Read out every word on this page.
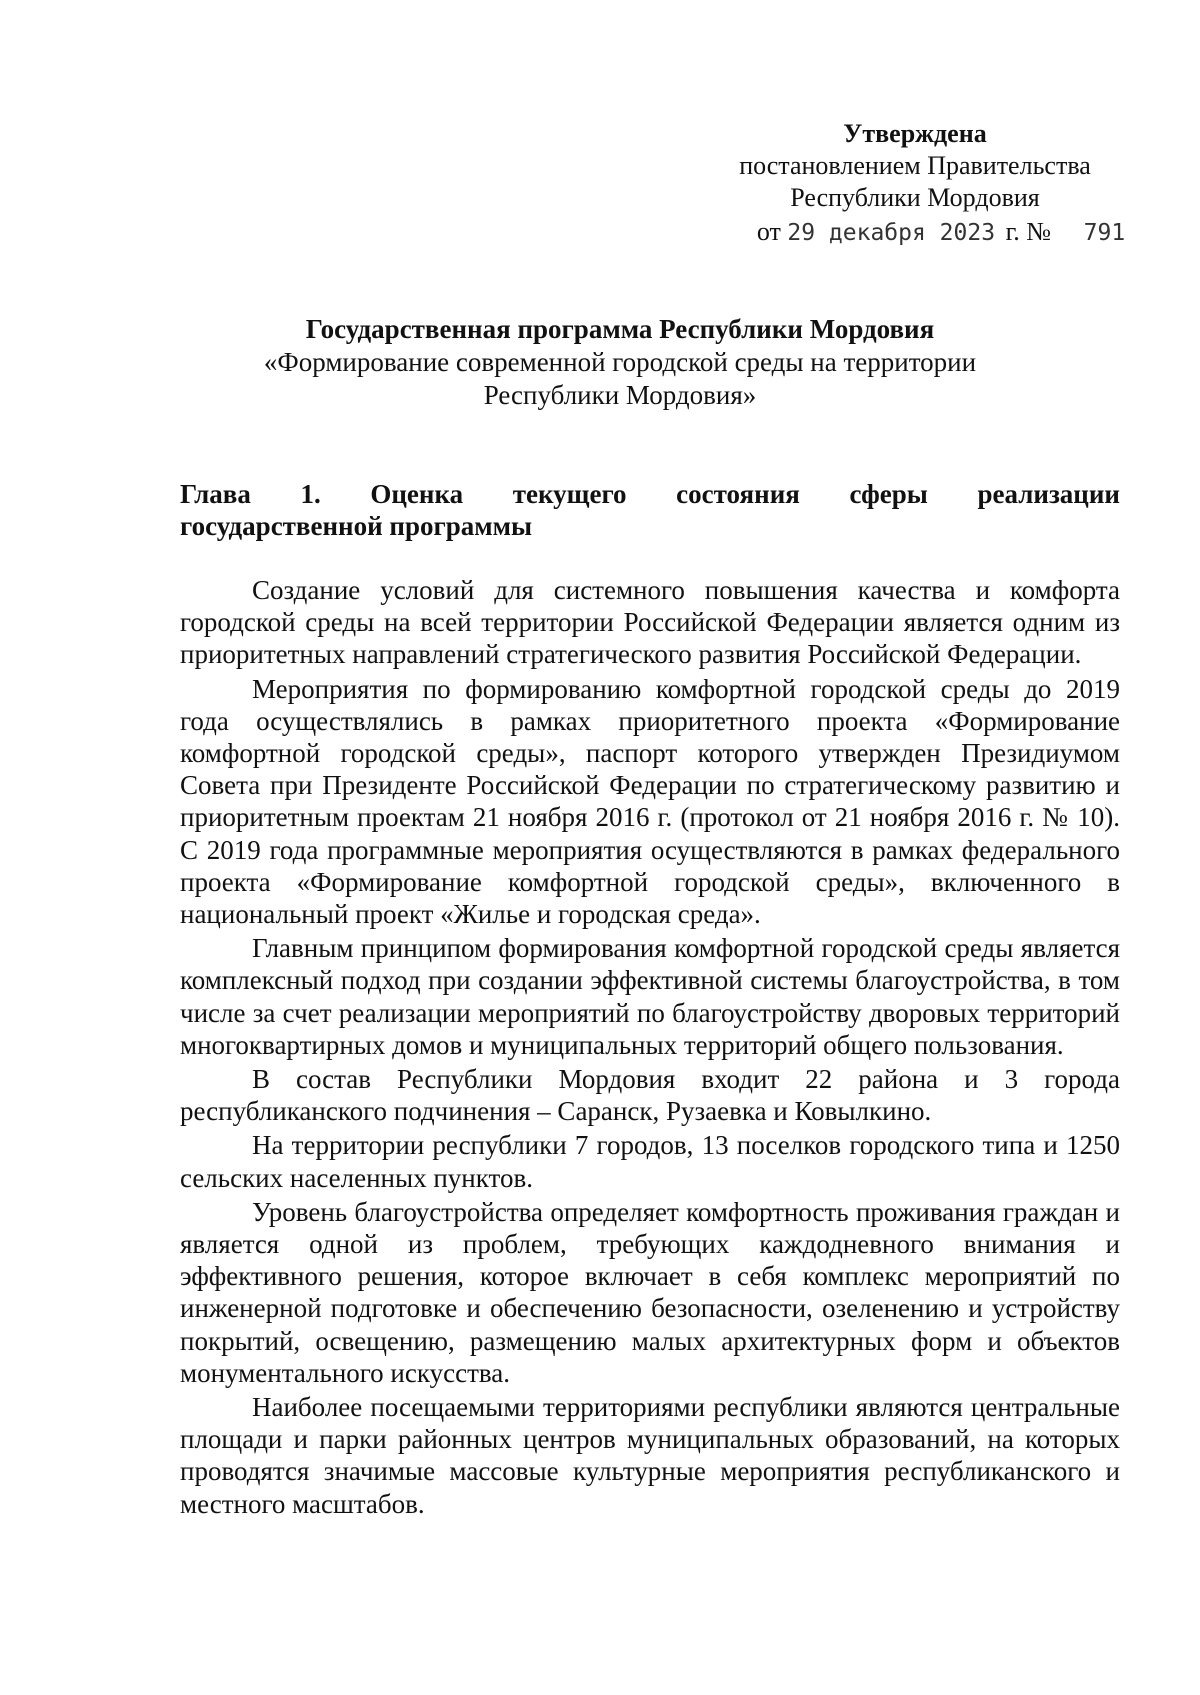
Утверждена
постановлением Правительства
Республики Мордовия
от 29 декабря 2023 г. № 791
Государственная программа Республики Мордовия
«Формирование современной городской среды на территории
Республики Мордовия»
Глава 1. Оценка текущего состояния сферы реализации
государственной программы

Создание условий для системного повышения качества и комфорта городской среды на всей территории Российской Федерации является одним из приоритетных направлений стратегического развития Российской Федерации.

Мероприятия по формированию комфортной городской среды до 2019 года осуществлялись в рамках приоритетного проекта «Формирование комфортной городской среды», паспорт которого утвержден Президиумом Совета при Президенте Российской Федерации по стратегическому развитию и приоритетным проектам 21 ноября 2016 г. (протокол от 21 ноября 2016 г. № 10). С 2019 года программные мероприятия осуществляются в рамках федерального проекта «Формирование комфортной городской среды», включенного в национальный проект «Жилье и городская среда».

Главным принципом формирования комфортной городской среды является комплексный подход при создании эффективной системы благоустройства, в том числе за счет реализации мероприятий по благоустройству дворовых территорий многоквартирных домов и муниципальных территорий общего пользования.

В состав Республики Мордовия входит 22 района и 3 города республиканского подчинения – Саранск, Рузаевка и Ковылкино.

На территории республики 7 городов, 13 поселков городского типа и 1250 сельских населенных пунктов.

Уровень благоустройства определяет комфортность проживания граждан и является одной из проблем, требующих каждодневного внимания и эффективного решения, которое включает в себя комплекс мероприятий по инженерной подготовке и обеспечению безопасности, озеленению и устройству покрытий, освещению, размещению малых архитектурных форм и объектов монументального искусства.

Наиболее посещаемыми территориями республики являются центральные площади и парки районных центров муниципальных образований, на которых проводятся значимые массовые культурные мероприятия республиканского и местного масштабов.
